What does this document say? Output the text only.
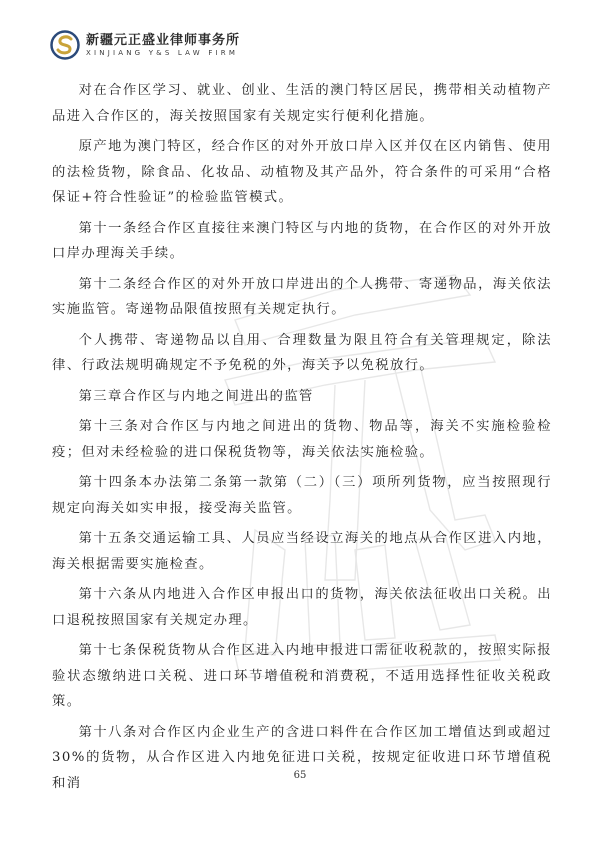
新疆元正盛业律师事务所
XINJIANG Y&S LAW FIRM

对在合作区学习、就业、创业、生活的澳门特区居民，携带相关动植物产品进入合作区的，海关按照国家有关规定实行便利化措施。

原产地为澳门特区，经合作区的对外开放口岸入区并仅在区内销售、使用的法检货物，除食品、化妆品、动植物及其产品外，符合条件的可采用“合格保证+符合性验证”的检验监管模式。

第十一条经合作区直接往来澳门特区与内地的货物，在合作区的对外开放口岸办理海关手续。

第十二条经合作区的对外开放口岸进出的个人携带、寄递物品，海关依法实施监管。寄递物品限值按照有关规定执行。

个人携带、寄递物品以自用、合理数量为限且符合有关管理规定，除法律、行政法规明确规定不予免税的外，海关予以免税放行。

第三章合作区与内地之间进出的监管

第十三条对合作区与内地之间进出的货物、物品等，海关不实施检验检疫；但对未经检验的进口保税货物等，海关依法实施检验。

第十四条本办法第二条第一款第（二）（三）项所列货物，应当按照现行规定向海关如实申报，接受海关监管。

第十五条交通运输工具、人员应当经设立海关的地点从合作区进入内地，海关根据需要实施检查。

第十六条从内地进入合作区申报出口的货物，海关依法征收出口关税。出口退税按照国家有关规定办理。

第十七条保税货物从合作区进入内地申报进口需征收税款的，按照实际报验状态缴纳进口关税、进口环节增值税和消费税，不适用选择性征收关税政策。

第十八条对合作区内企业生产的含进口料件在合作区加工增值达到或超过30%的货物，从合作区进入内地免征进口关税，按规定征收进口环节增值税和消	65
